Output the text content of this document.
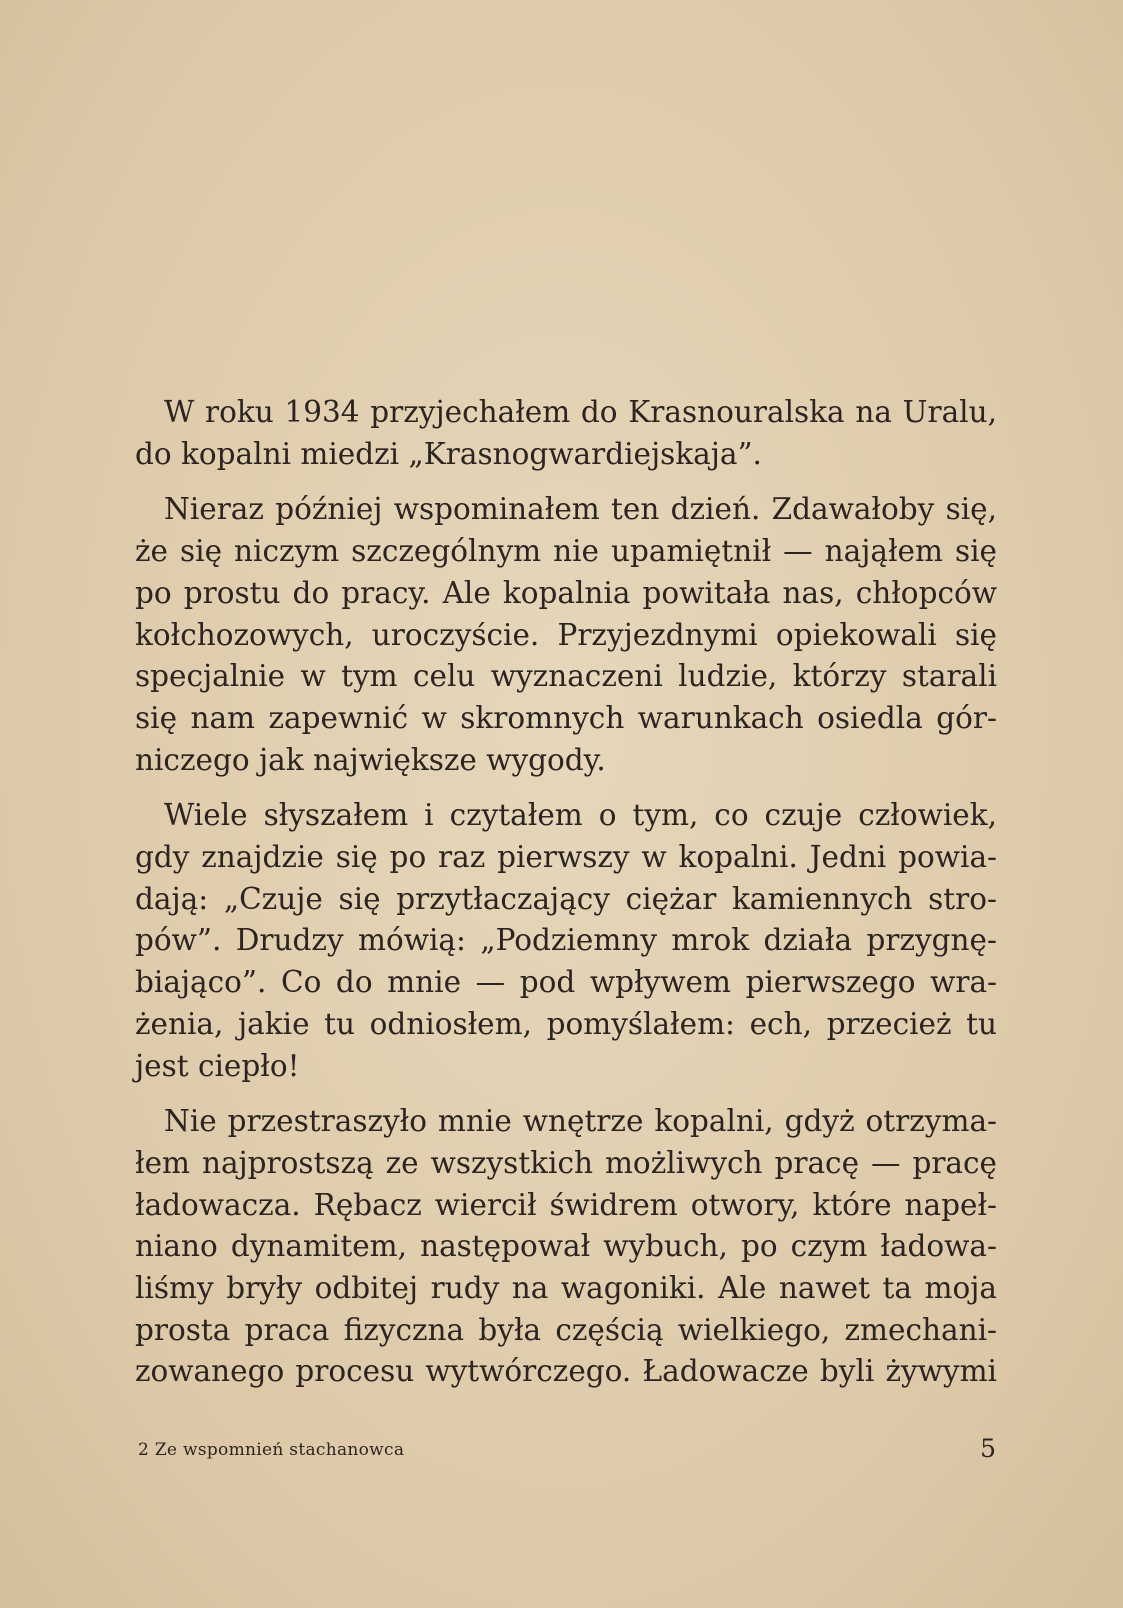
W roku 1934 przyjechałem do Krasnouralska na Uralu,
do kopalni miedzi „Krasnogwardiejskaja”.
Nieraz później wspominałem ten dzień. Zdawałoby się,
że się niczym szczególnym nie upamiętnił — nająłem się
po prostu do pracy. Ale kopalnia powitała nas, chłopców
kołchozowych, uroczyście. Przyjezdnymi opiekowali się
specjalnie w tym celu wyznaczeni ludzie, którzy starali
się nam zapewnić w skromnych warunkach osiedla gór-
niczego jak największe wygody.
Wiele słyszałem i czytałem o tym, co czuje człowiek,
gdy znajdzie się po raz pierwszy w kopalni. Jedni powia-
dają: „Czuje się przytłaczający ciężar kamiennych stro-
pów”. Drudzy mówią: „Podziemny mrok działa przygnę-
biająco”. Co do mnie — pod wpływem pierwszego wra-
żenia, jakie tu odniosłem, pomyślałem: ech, przecież tu
jest ciepło!
Nie przestraszyło mnie wnętrze kopalni, gdyż otrzyma-
łem najprostszą ze wszystkich możliwych pracę — pracę
ładowacza. Rębacz wiercił świdrem otwory, które napeł-
niano dynamitem, następował wybuch, po czym ładowa-
liśmy bryły odbitej rudy na wagoniki. Ale nawet ta moja
prosta praca fizyczna była częścią wielkiego, zmechani-
zowanego procesu wytwórczego. Ładowacze byli żywymi
2 Ze wspomnień stachanowca	5
